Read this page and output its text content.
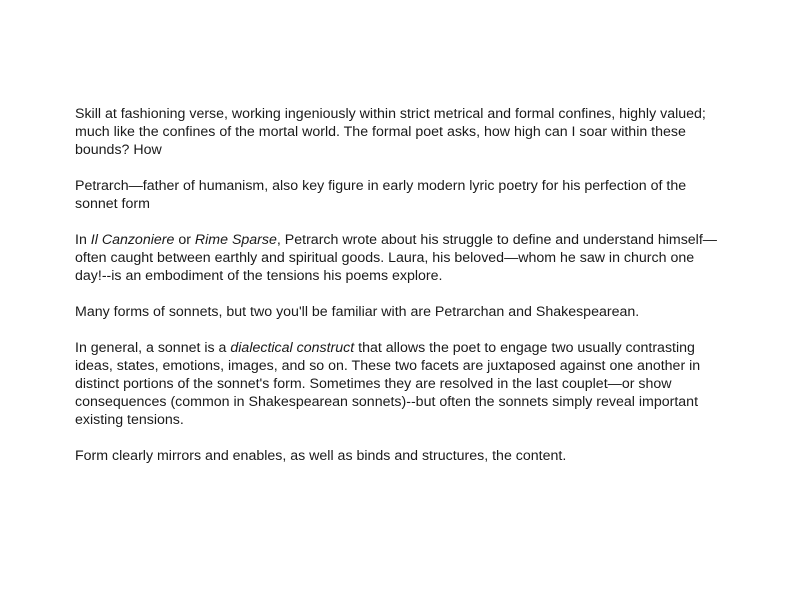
Skill at fashioning verse, working ingeniously within strict metrical and formal confines, highly valued; much like the confines of the mortal world. The formal poet asks, how high can I soar within these bounds? How

Petrarch—father of humanism, also key figure in early modern lyric poetry for his perfection of the sonnet form

In Il Canzoniere or Rime Sparse, Petrarch wrote about his struggle to define and understand himself—often caught between earthly and spiritual goods. Laura, his beloved—whom he saw in church one day!--is an embodiment of the tensions his poems explore.

Many forms of sonnets, but two you'll be familiar with are Petrarchan and Shakespearean.

In general, a sonnet is a dialectical construct that allows the poet to engage two usually contrasting ideas, states, emotions, images, and so on. These two facets are juxtaposed against one another in distinct portions of the sonnet's form. Sometimes they are resolved in the last couplet—or show consequences (common in Shakespearean sonnets)--but often the sonnets simply reveal important existing tensions.

Form clearly mirrors and enables, as well as binds and structures, the content.
